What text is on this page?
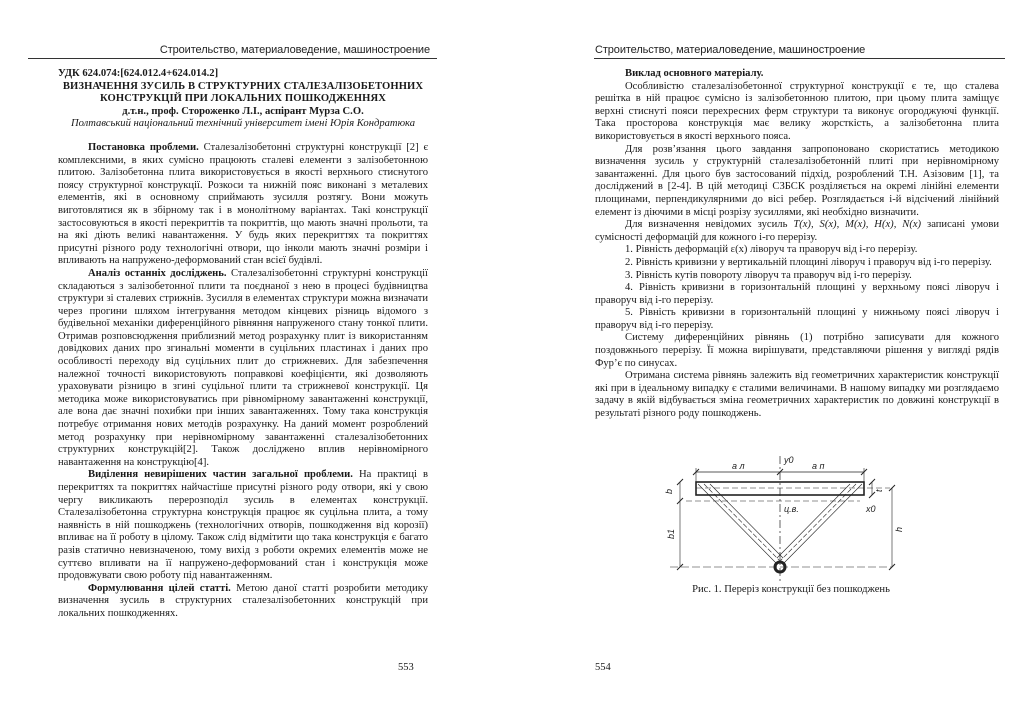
Строительство, материаловедение, машиностроение
УДК 624.074:[624.012.4+624.014.2]
ВИЗНАЧЕННЯ ЗУСИЛЬ В СТРУКТУРНИХ СТАЛЕЗАЛІЗОБЕТОННИХ
КОНСТРУКЦІЙ ПРИ ЛОКАЛЬНИХ ПОШКОДЖЕННЯХ
д.т.н., проф. Стороженко Л.І., аспірант Мурза С.О.
Полтавський національний технічний університет імені Юрія Кондратюка

Постановка проблеми. Сталезалізобетонні структурні конструкції [2] є комплексними, в яких сумісно працюють сталеві елементи з залізобетонною плитою. Залізобетонна плита використовується в якості верхнього стиснутого поясу структурної конструкції. Розкоси та нижній пояс виконані з металевих елементів, які в основному сприймають зусилля розтягу. Вони можуть виготовлятися як в збірному так і в монолітному варіантах. Такі конструкції застосовуються в якості перекриттів та покриттів, що мають значні прольоти, та на які діють великі навантаження. У будь яких перекриттях та покриттях присутні різного роду технологічні отвори, що інколи мають значні розміри і впливають на напружено-деформований стан всієї будівлі.

Аналіз останніх досліджень. Сталезалізобетонні структурні конструкції складаються з залізобетонної плити та поєднаної з нею в процесі будівництва структури зі сталевих стрижнів. Зусилля в елементах структури можна визначати через прогини шляхом інтегрування методом кінцевих різниць відомого з будівельної механіки диференційного рівняння напруженого стану тонкої плити. Отримав розповсюдження приблизний метод розрахунку плит із використанням довідкових даних про згинальні моменти в суцільних пластинах і даних про особливості переходу від суцільних плит до стрижневих. Для забезпечення належної точності використовують поправкові коефіцієнти, які дозволяють ураховувати різницю в згині суцільної плити та стрижневої конструкції. Ця методика може використовуватись при рівномірному завантаженні конструкції, але вона дає значні похибки при інших завантаженнях. Тому така конструкція потребує отримання нових методів розрахунку. На даний момент розроблений метод розрахунку при нерівномірному завантаженні сталезалізобетонних структурних конструкцій[2]. Також досліджено вплив нерівномірного навантаження на конструкцію[4].

Виділення невирішених частин загальної проблеми. На практиці в перекриттях та покриттях найчастіше присутні різного роду отвори, які у свою чергу викликають перерозподіл зусиль в елементах конструкції. Сталезалізобетонна структурна конструкція працює як суцільна плита, а тому наявність в ній пошкоджень (технологічних отворів, пошкодження від корозії) впливає на її роботу в цілому. Також слід відмітити що така конструкція є багато разів статично невизначеною, тому вихід з роботи окремих елементів може не суттєво впливати на її напружено-деформований стан і конструкція може продовжувати свою роботу під навантаженням.

Формулювання цілей статті. Метою даної статті розробити методику визначення зусиль в структурних сталезалізобетонних конструкцій при локальних пошкодженнях.

553
Строительство, материаловедение, машиностроение
Виклад основного матеріалу.

Особливістю сталезалізобетонної структурної конструкції є те, що сталева решітка в ній працює сумісно із залізобетонною плитою, при цьому плита заміщує верхні стиснуті пояси перехресних ферм структури та виконує огороджуючі функції. Така просторова конструкція має велику жорсткість, а залізобетонна плита використовується в якості верхнього пояса.

Для розв’язання цього завдання запропоновано скористатись методикою визначення зусиль у структурній сталезалізобетонній плиті при нерівномірному завантаженні. Для цього був застосований підхід, розроблений Т.Н. Азізовим [1], та досліджений в [2-4]. В цій методиці СЗБСК розділяється на окремі лінійні елементи площинами, перпендикулярними до вісі ребер. Розглядається i-й відсічений лінійний елемент із діючими в місці розрізу зусиллями, які необхідно визначити.

Для визначення невідомих зусиль T(x), S(x), M(x), H(x), N(x) записані умови сумісності деформацій для кожного і-го перерізу.

1. Рівність деформацій ε(x) ліворуч та праворуч від і-го перерізу.

2. Рівність кривизни у вертикальній площині ліворуч і праворуч від і-го перерізу.

3. Рівність кутів повороту ліворуч та праворуч від і-го перерізу.

4. Рівність кривизни в горизонтальній площині у верхньому поясі ліворуч і праворуч від і-го перерізу.

5. Рівність кривизни в горизонтальній площині у нижньому поясі ліворуч і праворуч від і-го перерізу.

Систему диференційних рівнянь (1) потрібно записувати для кожного поздовжнього перерізу. Її можна вирішувати, представляючи рішення у вигляді рядів Фур’є по синусах.

Отримана система рівнянь залежить від геометричних характеристик конструкції які при в ідеальному випадку є сталими величинами. В нашому випадку ми розглядаємо задачу в якій відбувається зміна геометричних характеристик по довжині конструкції в результаті різного роду пошкоджень.

a л	a п
y0
x0
ц.в.
b
b1
t
h
Рис. 1. Переріз конструкції без пошкоджень
554
